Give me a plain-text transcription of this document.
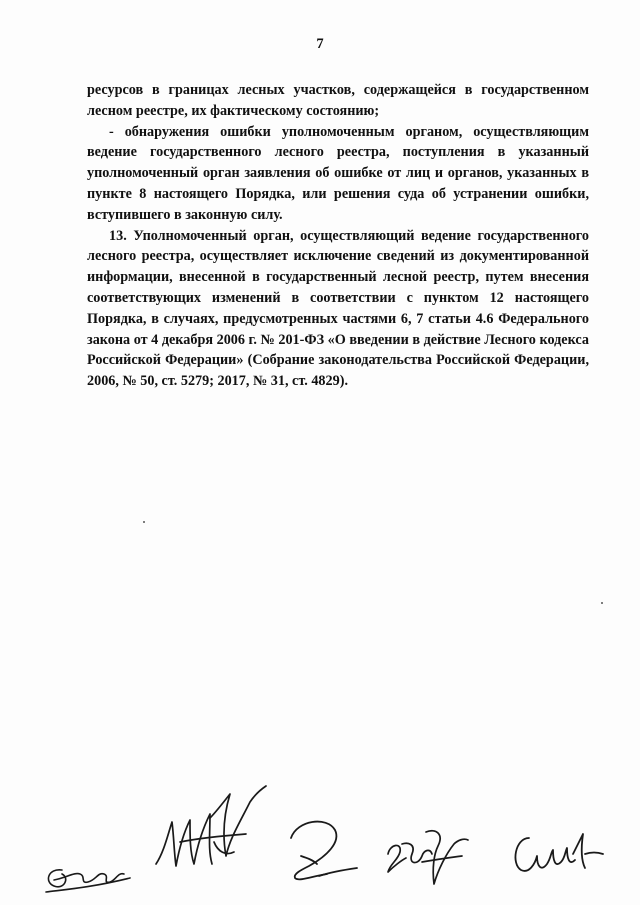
7

ресурсов в границах лесных участков, содержащейся в государственном лесном реестре, их фактическому состоянию;

- обнаружения ошибки уполномоченным органом, осуществляющим ведение государственного лесного реестра, поступления в указанный уполномоченный орган заявления об ошибке от лиц и органов, указанных в пункте 8 настоящего Порядка, или решения суда об устранении ошибки, вступившего в законную силу.

13. Уполномоченный орган, осуществляющий ведение государственного лесного реестра, осуществляет исключение сведений из документированной информации, внесенной в государственный лесной реестр, путем внесения соответствующих изменений в соответствии с пунктом 12 настоящего Порядка, в случаях, предусмотренных частями 6, 7 статьи 4.6 Федерального закона от 4 декабря 2006 г. № 201-ФЗ «О введении в действие Лесного кодекса Российской Федерации» (Собрание законодательства Российской Федерации, 2006, № 50, ст. 5279; 2017, № 31, ст. 4829).
